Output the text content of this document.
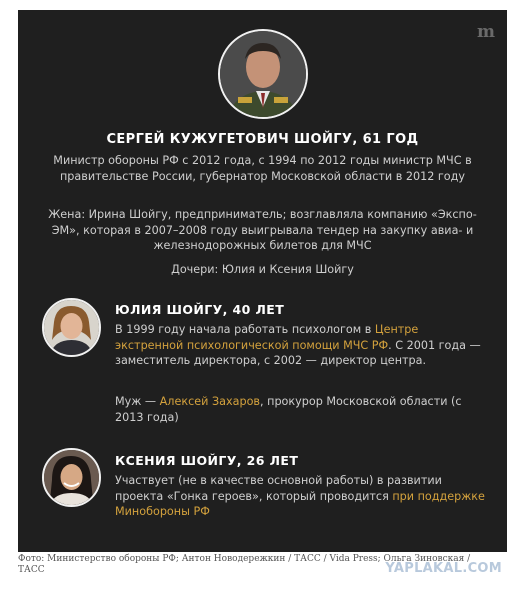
m
СЕРГЕЙ КУЖУГЕТОВИЧ ШОЙГУ, 61 ГОД

Министр обороны РФ с 2012 года, с 1994 по 2012 годы министр МЧС в правительстве России, губернатор Московской области в 2012 году

Жена: Ирина Шойгу, предприниматель; возглавляла компанию «Экспо-ЭМ», которая в 2007–2008 году выигрывала тендер на закупку авиа- и железнодорожных билетов для МЧС

Дочери: Юлия и Ксения Шойгу

ЮЛИЯ ШОЙГУ, 40 ЛЕТ

В 1999 году начала работать психологом в Центре экстренной психологической помощи МЧС РФ. С 2001 года — заместитель директора, с 2002 — директор центра.

Муж — Алексей Захаров, прокурор Московской области (с 2013 года)

КСЕНИЯ ШОЙГУ, 26 ЛЕТ

Участвует (не в качестве основной работы) в развитии проекта «Гонка героев», который проводится при поддержке Минобороны РФ

Фото: Министерство обороны РФ; Антон Новодережкин / ТАСС / Vida Press; Ольга Зиновская / ТАСС	YAPLAKAL.COM
